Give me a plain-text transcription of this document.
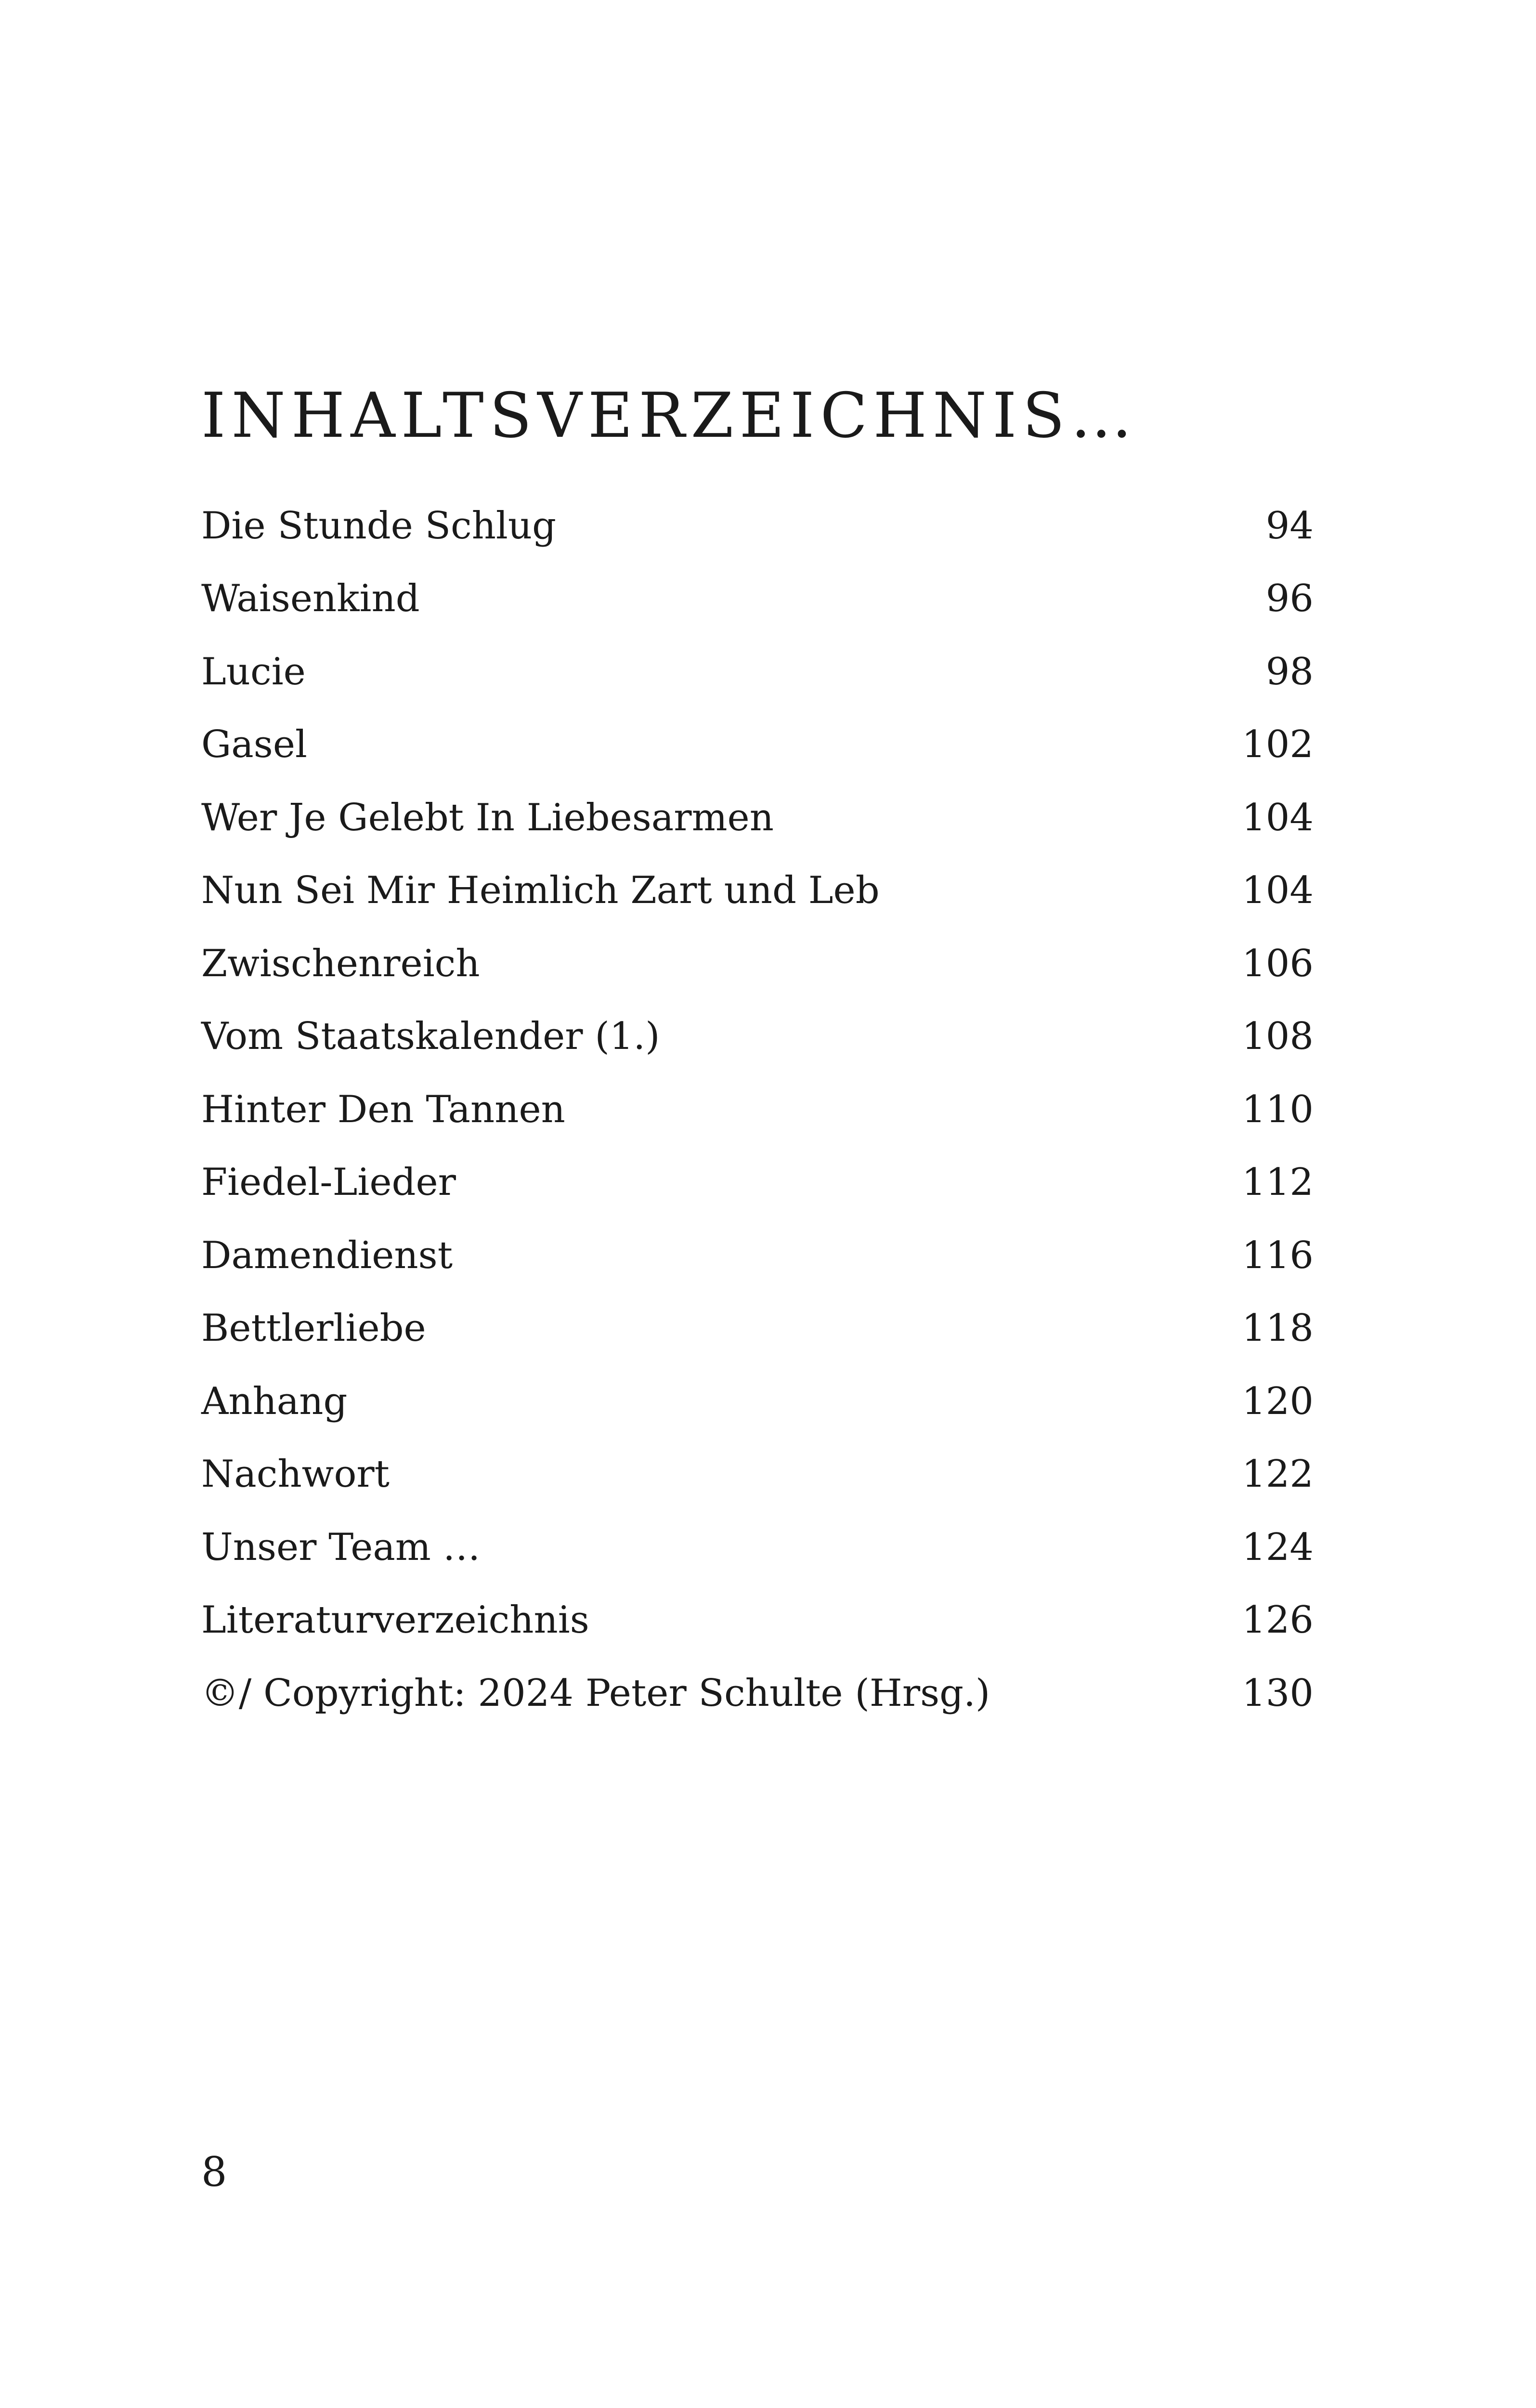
INHALTSVERZEICHNIS…
Die Stunde Schlug	94
Waisenkind	96
Lucie	98
Gasel	102
Wer Je Gelebt In Liebesarmen	104
Nun Sei Mir Heimlich Zart und Leb	104
Zwischenreich	106
Vom Staatskalender (1.)	108
Hinter Den Tannen	110
Fiedel-Lieder	112
Damendienst	116
Bettlerliebe	118
Anhang	120
Nachwort	122
Unser Team …	124
Literaturverzeichnis	126
©/ Copyright: 2024 Peter Schulte (Hrsg.)	130
8
